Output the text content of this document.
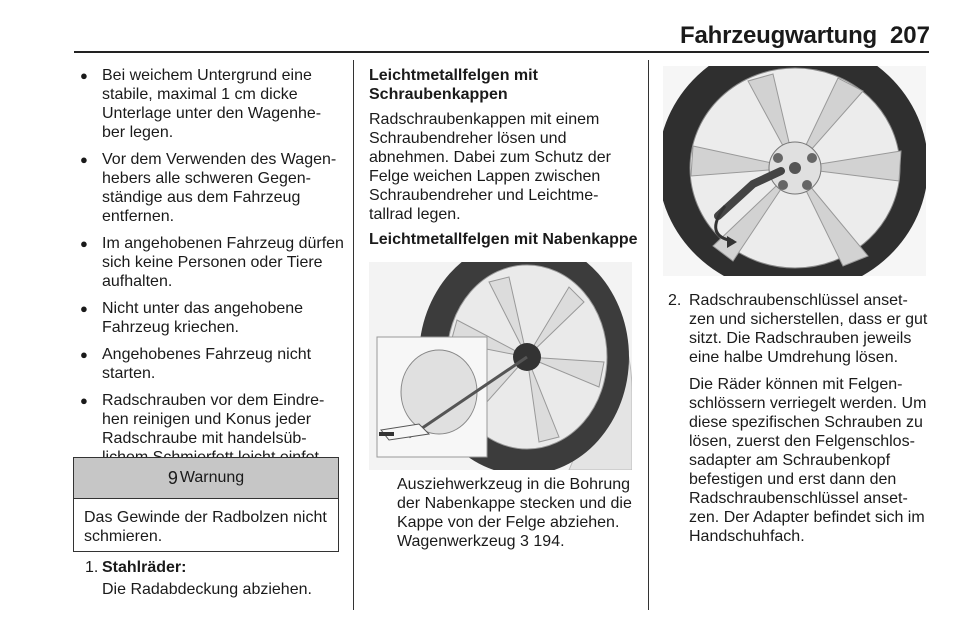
Fahrzeugwartung 207
● Bei weichem Untergrund eine stabile, maximal 1 cm dicke Unterlage unter den Wagenhe- ber legen.
● Vor dem Verwenden des Wagen- hebers alle schweren Gegen- ständige aus dem Fahrzeug entfernen.
● Im angehobenen Fahrzeug dürfen sich keine Personen oder Tiere aufhalten.
● Nicht unter das angehobene Fahrzeug kriechen.
● Angehobenes Fahrzeug nicht starten.
● Radschrauben vor dem Eindre- hen reinigen und Konus jeder Radschraube mit handelsüb-
9 Warnung
Das Gewinde der Radbolzen nicht schmieren.
1. Stahlräder:
Die Radabdeckung abziehen.
Leichtmetallfelgen mit Schraubenkappen

Radschraubenkappen mit einem Schraubendreher lösen und abnehmen. Dabei zum Schutz der Felge weichen Lappen zwischen Schraubendreher und Leichtme- tallrad legen.

Leichtmetallfelgen mit Nabenkappe
Ausziehwerkzeug in die Bohrung der Nabenkappe stecken und die Kappe von der Felge abziehen. Wagenwerkzeug 3 194.
2. Radschraubenschlüssel anset- zen und sicherstellen, dass er gut sitzt. Die Radschrauben jeweils eine halbe Umdrehung lösen.
Die Räder können mit Felgen- schlössern verriegelt werden. Um diese spezifischen Schrauben zu lösen, zuerst den Felgenschlos- sadapter am Schraubenkopf befestigen und erst dann den Radschraubenschlüssel anset- zen. Der Adapter befindet sich im Handschuhfach.
